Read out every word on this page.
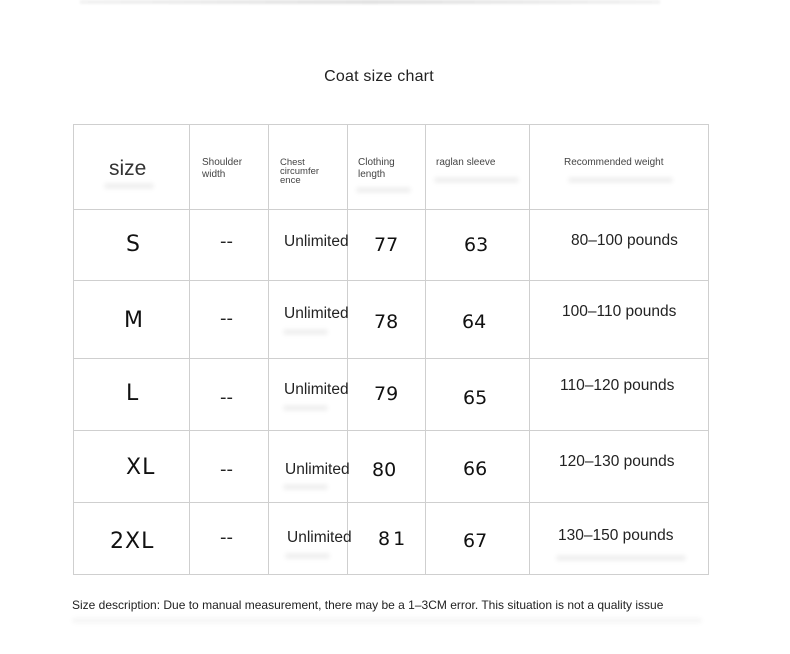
Coat size chart
size	Shoulder width	Chest circumfer ence	Clothing length	raglan sleeve	Recommended weight

S	--	Unlimited	77	63	80–100 pounds

M	--	Unlimited	78	64	100–110 pounds

L	--	Unlimited	79	65	110–120 pounds

XL	--	Unlimited	80	66	120–130 pounds

2XL	--	Unlimited	81	67	130–150 pounds
Size description: Due to manual measurement, there may be a 1–3CM error. This situation is not a quality issue
